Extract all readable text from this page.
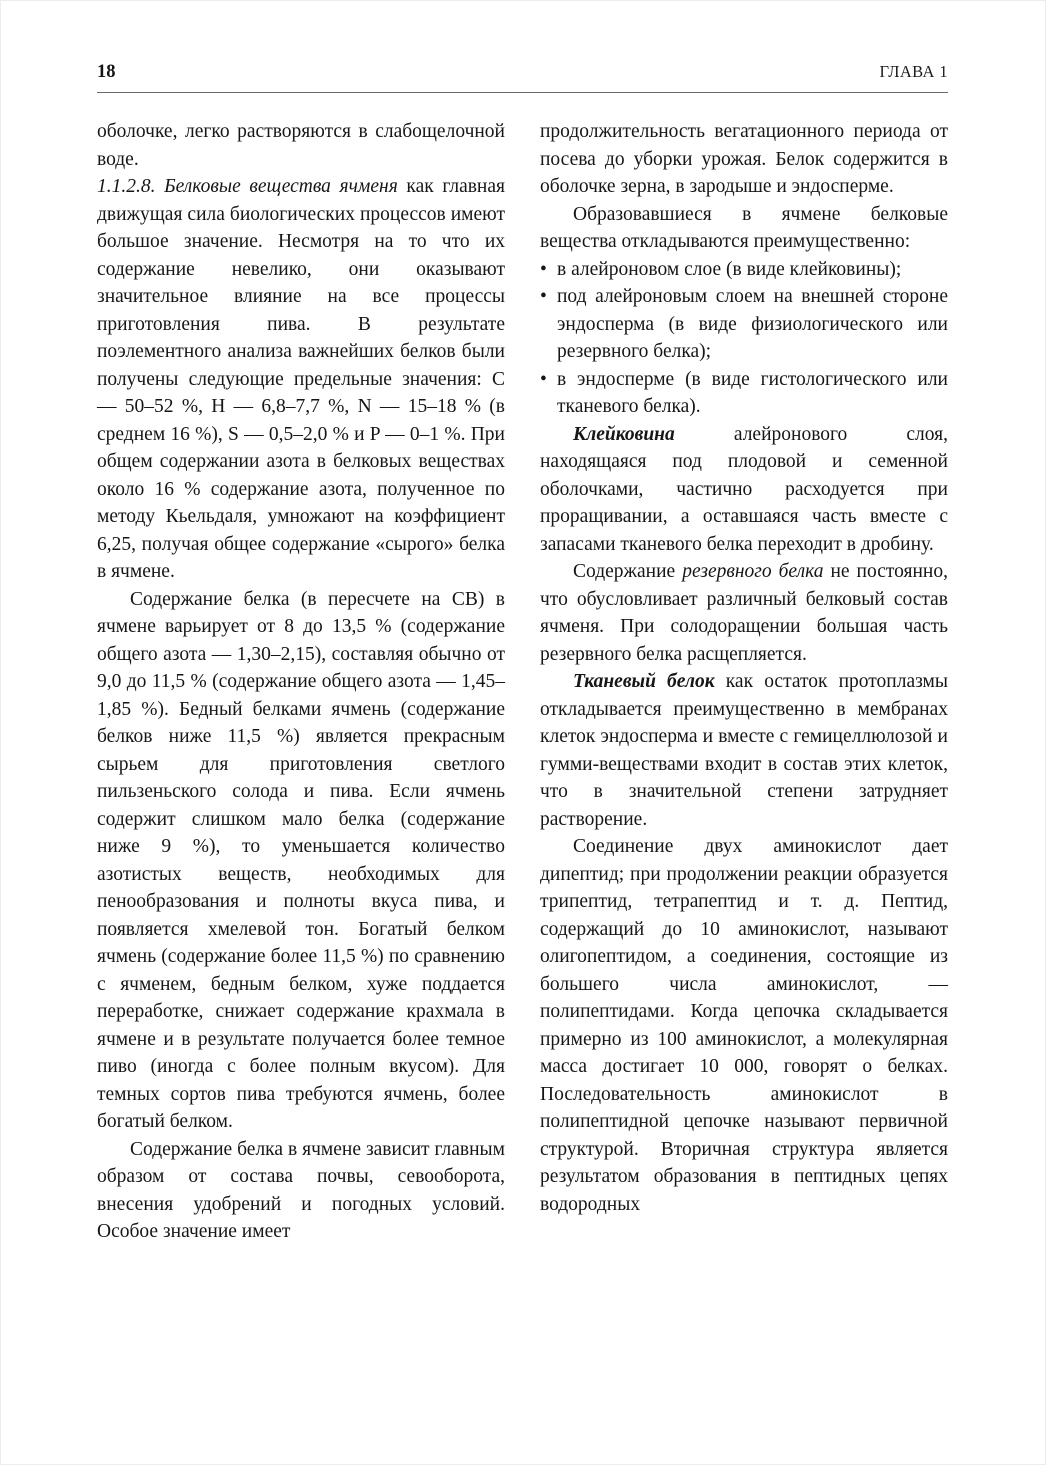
18	ГЛАВА 1

оболочке, легко растворяются в слабощелочной воде.

1.1.2.8. Белковые вещества ячменя как главная движущая сила биологических процессов имеют большое значение. Несмотря на то что их содержание невелико, они оказывают значительное влияние на все процессы приготовления пива. В результате поэлементного анализа важнейших белков были получены следующие предельные значения: C — 50–52 %, H — 6,8–7,7 %, N — 15–18 % (в среднем 16 %), S — 0,5–2,0 % и P — 0–1 %. При общем содержании азота в белковых веществах около 16 % содержание азота, полученное по методу Кьельдаля, умножают на коэффициент 6,25, получая общее содержание «сырого» белка в ячмене.

Содержание белка (в пересчете на СВ) в ячмене варьирует от 8 до 13,5 % (содержание общего азота — 1,30–2,15), составляя обычно от 9,0 до 11,5 % (содержание общего азота — 1,45–1,85 %). Бедный белками ячмень (содержание белков ниже 11,5 %) является прекрасным сырьем для приготовления светлого пильзеньского солода и пива. Если ячмень содержит слишком мало белка (содержание ниже 9 %), то уменьшается количество азотистых веществ, необходимых для пенообразования и полноты вкуса пива, и появляется хмелевой тон. Богатый белком ячмень (содержание более 11,5 %) по сравнению с ячменем, бедным белком, хуже поддается переработке, снижает содержание крахмала в ячмене и в результате получается более темное пиво (иногда с более полным вкусом). Для темных сортов пива требуются ячмень, более богатый белком.

Содержание белка в ячмене зависит главным образом от состава почвы, севооборота, внесения удобрений и погодных условий. Особое значение имеет

продолжительность вегатационного периода от посева до уборки урожая. Белок содержится в оболочке зерна, в зародыше и эндосперме.

Образовавшиеся в ячмене белковые вещества откладываются преимущественно:

• в алейроновом слое (в виде клейковины);
• под алейроновым слоем на внешней стороне эндосперма (в виде физиологического или резервного белка);
• в эндосперме (в виде гистологического или тканевого белка).

Клейковина алейронового слоя, находящаяся под плодовой и семенной оболочками, частично расходуется при проращивании, а оставшаяся часть вместе с запасами тканевого белка переходит в дробину.

Содержание резервного белка не постоянно, что обусловливает различный белковый состав ячменя. При солодоращении большая часть резервного белка расщепляется.

Тканевый белок как остаток протоплазмы откладывается преимущественно в мембранах клеток эндосперма и вместе с гемицеллюлозой и гумми-веществами входит в состав этих клеток, что в значительной степени затрудняет растворение.

Соединение двух аминокислот дает дипептид; при продолжении реакции образуется трипептид, тетрапептид и т. д. Пептид, содержащий до 10 аминокислот, называют олигопептидом, а соединения, состоящие из большего числа аминокислот, — полипептидами. Когда цепочка складывается примерно из 100 аминокислот, а молекулярная масса достигает 10 000, говорят о белках. Последовательность аминокислот в полипептидной цепочке называют первичной структурой. Вторичная структура является результатом образования в пептидных цепях водородных
